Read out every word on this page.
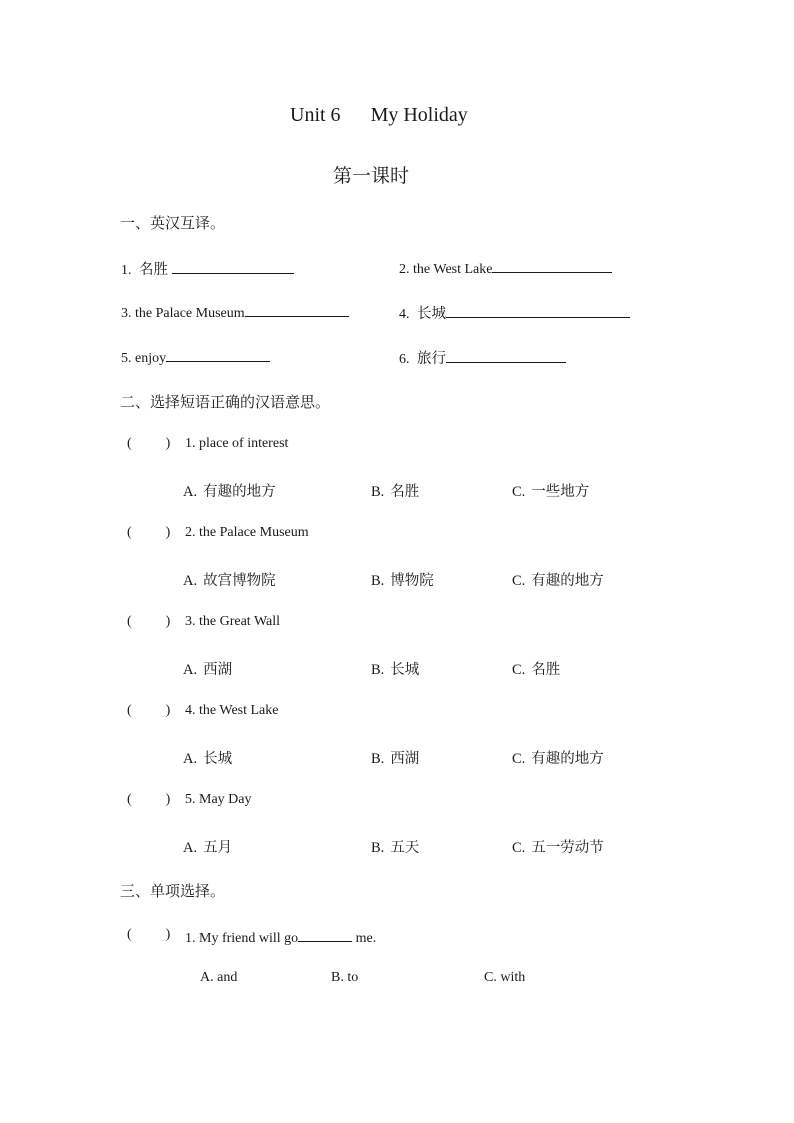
Unit 6 My Holiday
第一课时
一、英汉互译。
1. 名胜	2. the West Lake
3. the Palace Museum	4. 长城
5. enjoy	6. 旅行
二、选择短语正确的汉语意思。
( ) 1. place of interest
A. 有趣的地方	B. 名胜	C. 一些地方
( ) 2. the Palace Museum
A. 故宫博物院	B. 博物院	C. 有趣的地方
( ) 3. the Great Wall
A. 西湖	B. 长城	C. 名胜
( ) 4. the West Lake
A. 长城	B. 西湖	C. 有趣的地方
( ) 5. May Day
A. 五月	B. 五天	C. 五一劳动节
三、单项选择。
( ) 1. My friend will go	me.
A. and	B. to	C. with
